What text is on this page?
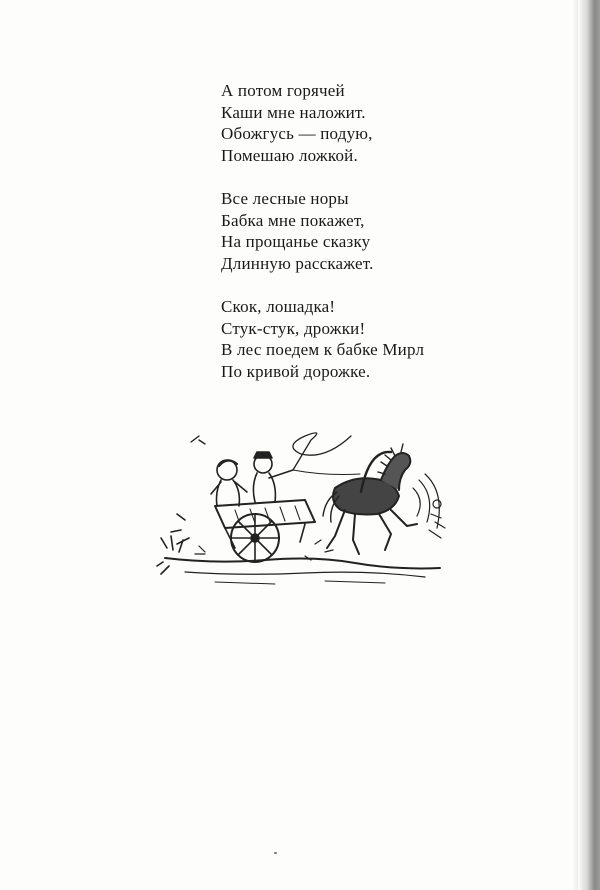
А потом горячей
Каши мне наложит.
Обожгусь — подую,
Помешаю ложкой.
Все лесные норы
Бабка мне покажет,
На прощанье сказку
Длинную расскажет.
Скок, лошадка!
Стук-стук, дрожки!
В лес поедем к бабке Мирл
По кривой дорожке.
